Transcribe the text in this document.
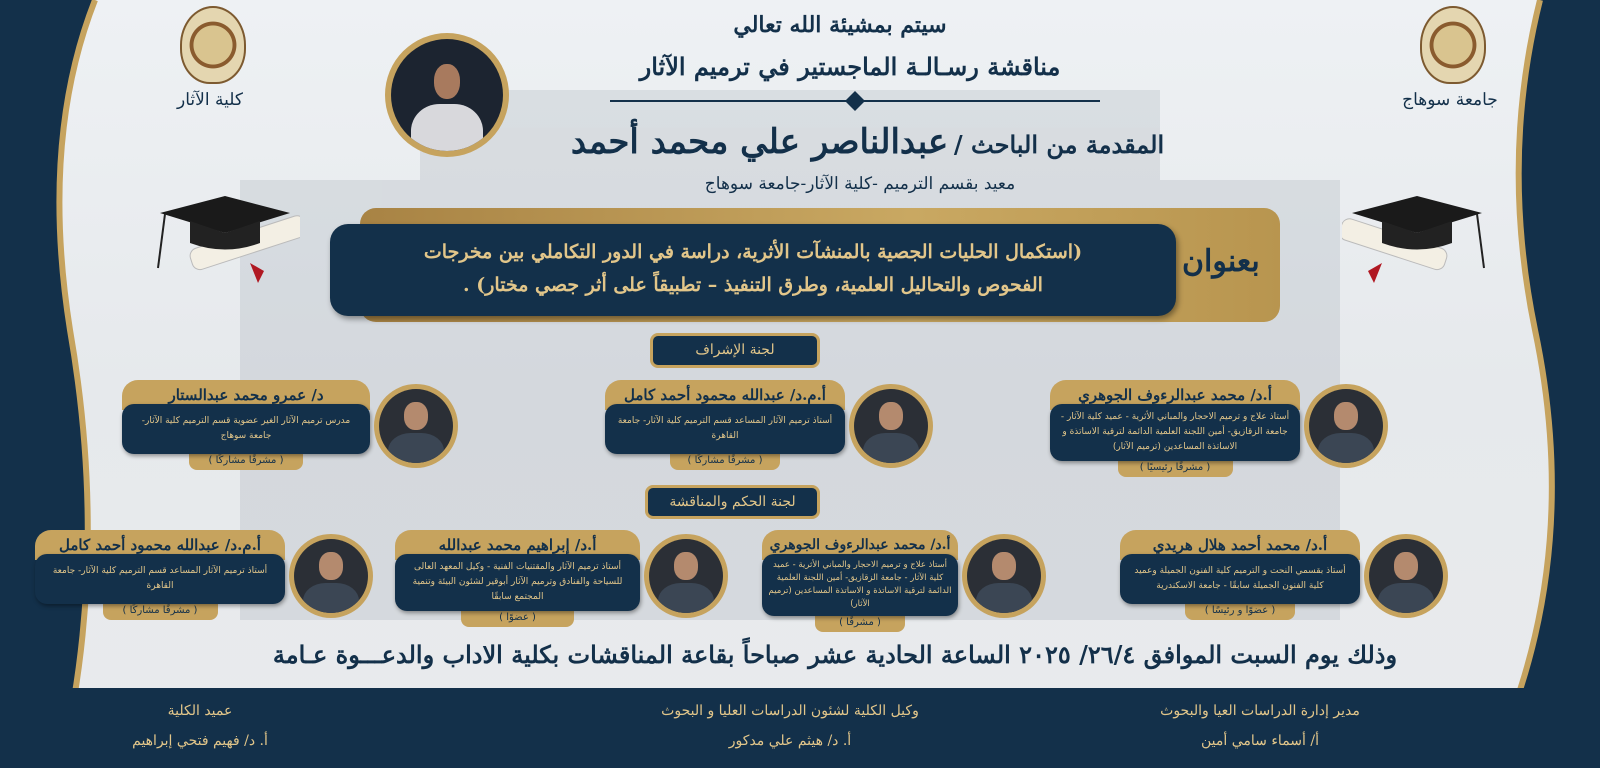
كلية الآثار	جامعة سوهاج
سيتم بمشيئة الله تعالي
مناقشة رسـالـة الماجستير في ترميم الآثار
المقدمة من الباحث / عبدالناصر علي محمد أحمد
معيد بقسم الترميم -كلية الآثار-جامعة سوهاج
بعنوان
(استكمال الحليات الجصية بالمنشآت الأثرية، دراسة في الدور التكاملي بين مخرجات
الفحوص والتحاليل العلمية، وطرق التنفيذ – تطبيقاً على أثر جصي مختار) .
لجنة الإشراف
أ.د/ محمد عبدالرءوف الجوهري
أستاذ علاج و ترميم الاحجار والمباني الأثرية - عميد كلية الآثار - جامعة الزقازيق- أمين اللجنة العلمية الدائمة لترقية الاساتذة و الاساتذة المساعدين (ترميم الآثار)
( مشرفًا رئيسيًا )
أ.م.د/ عبدالله محمود أحمد كامل
أستاذ ترميم الآثار المساعد قسم الترميم كلية الآثار- جامعة القاهرة
( مشرفًا مشاركًا )
د/ عمرو محمد عبدالستار
مدرس ترميم الآثار الغير عضوية قسم الترميم كلية الآثار- جامعة سوهاج
( مشرفًا مشاركًا )
لجنة الحكم والمناقشة
أ.د/ محمد أحمد هلال هريدي
أستاذ بقسمي النحت و الترميم كلية الفنون الجميلة وعميد كلية الفنون الجميلة سابقًا - جامعة الاسكندرية
( عضوًا و رئيسًا )
أ.د/ محمد عبدالرءوف الجوهري
أستاذ علاج و ترميم الاحجار والمباني الأثرية - عميد كلية الآثار - جامعة الزقازيق- أمين اللجنة العلمية الدائمة لترقية الاساتذة و الاساتذة المساعدين (ترميم الآثار)
( مشرفًا )
أ.د/ إبراهيم محمد عبدالله
أستاذ ترميم الآثار والمقتنيات الفنية - وكيل المعهد العالى للسياحة والفنادق وترميم الآثار أبوقير لشئون البيئة وتنمية المجتمع سابقًا
( عضوًا )
أ.م.د/ عبدالله محمود أحمد كامل
أستاذ ترميم الآثار المساعد قسم الترميم كلية الآثار- جامعة القاهرة
( مشرفًا مشاركًا )
وذلك يوم السبت الموافق ٢٦/٤/ ٢٠٢٥ الساعة الحادية عشر صباحاً بقاعة المناقشات بكلية الاداب والدعـــوة عـامة
مدير إدارة الدراسات العيا والبحوث
أ/ أسماء سامي أمين
وكيل الكلية لشئون الدراسات العليا و البحوث
أ. د/ هيثم علي مدكور
عميد الكلية
أ. د/ فهيم فتحي إبراهيم
